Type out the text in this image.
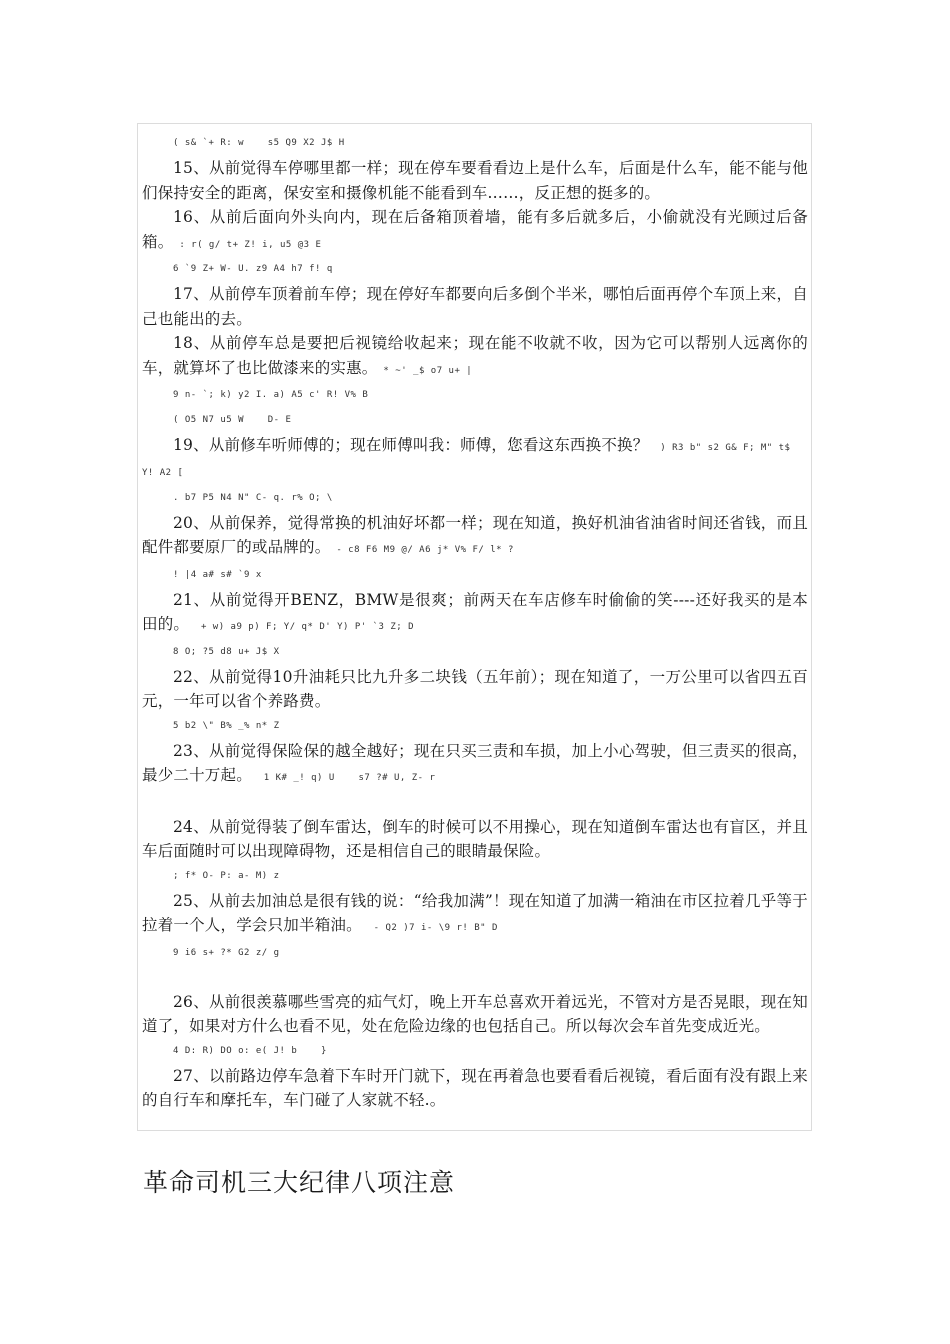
( s& `+ R: w    s5 Q9 X2 J$ H

15、从前觉得车停哪里都一样；现在停车要看看边上是什么车，后面是什么车，能不能与他们保持安全的距离，保安室和摄像机能不能看到车……，反正想的挺多的。

16、从前后面向外头向内，现在后备箱顶着墙，能有多后就多后，小偷就没有光顾过后备箱。 : r( g/ t+ Z! i, u5 @3 E

6 `9 Z+ W- U. z9 A4 h7 f! q

17、从前停车顶着前车停；现在停好车都要向后多倒个半米，哪怕后面再停个车顶上来，自己也能出的去。

18、从前停车总是要把后视镜给收起来；现在能不收就不收，因为它可以帮别人远离你的车，就算坏了也比做漆来的实惠。 * ~' _$ o7 u+ |

9 n- `; k) y2 I. a) A5 c' R! V% B
( O5 N7 u5 W    D- E

19、从前修车听师傅的；现在师傅叫我：师傅，您看这东西换不换？  ) R3 b" s2 G& F; M" t$

Y! A2 [
. b7 P5 N4 N" C- q. r% O; \

20、从前保养，觉得常换的机油好坏都一样；现在知道，换好机油省油省时间还省钱，而且配件都要原厂的或品牌的。 - c8 F6 M9 @/ A6 j* V% F/ l* ?

! |4 a# s# `9 x

21、从前觉得开BENZ，BMW是很爽；前两天在车店修车时偷偷的笑----还好我买的是本田的。  + w) a9 p) F; Y/ q* D' Y) P' `3 Z; D

8 O; ?5 d8 u+ J$ X

22、从前觉得10升油耗只比九升多二块钱（五年前）；现在知道了，一万公里可以省四五百元，一年可以省个养路费。

5 b2 \" B% _% n* Z

23、从前觉得保险保的越全越好；现在只买三责和车损，加上小心驾驶，但三责买的很高，最少二十万起。  1 K# _! q) U    s7 ?# U, Z- r

24、从前觉得装了倒车雷达，倒车的时候可以不用操心，现在知道倒车雷达也有盲区，并且车后面随时可以出现障碍物，还是相信自己的眼睛最保险。

; f* O- P: a- M) z

25、从前去加油总是很有钱的说：“给我加满”！现在知道了加满一箱油在市区拉着几乎等于拉着一个人，学会只加半箱油。  - Q2 )7 i- \9 r! B" D

9 i6 s+ ?* G2 z/ g

26、从前很羡慕哪些雪亮的疝气灯，晚上开车总喜欢开着远光，不管对方是否晃眼，现在知道了，如果对方什么也看不见，处在危险边缘的也包括自己。所以每次会车首先变成近光。

4 D: R) DO o: e( J! b    }

27、以前路边停车急着下车时开门就下，现在再着急也要看看后视镜，看后面有没有跟上来的自行车和摩托车，车门碰了人家就不轻.。

革命司机三大纪律八项注意
